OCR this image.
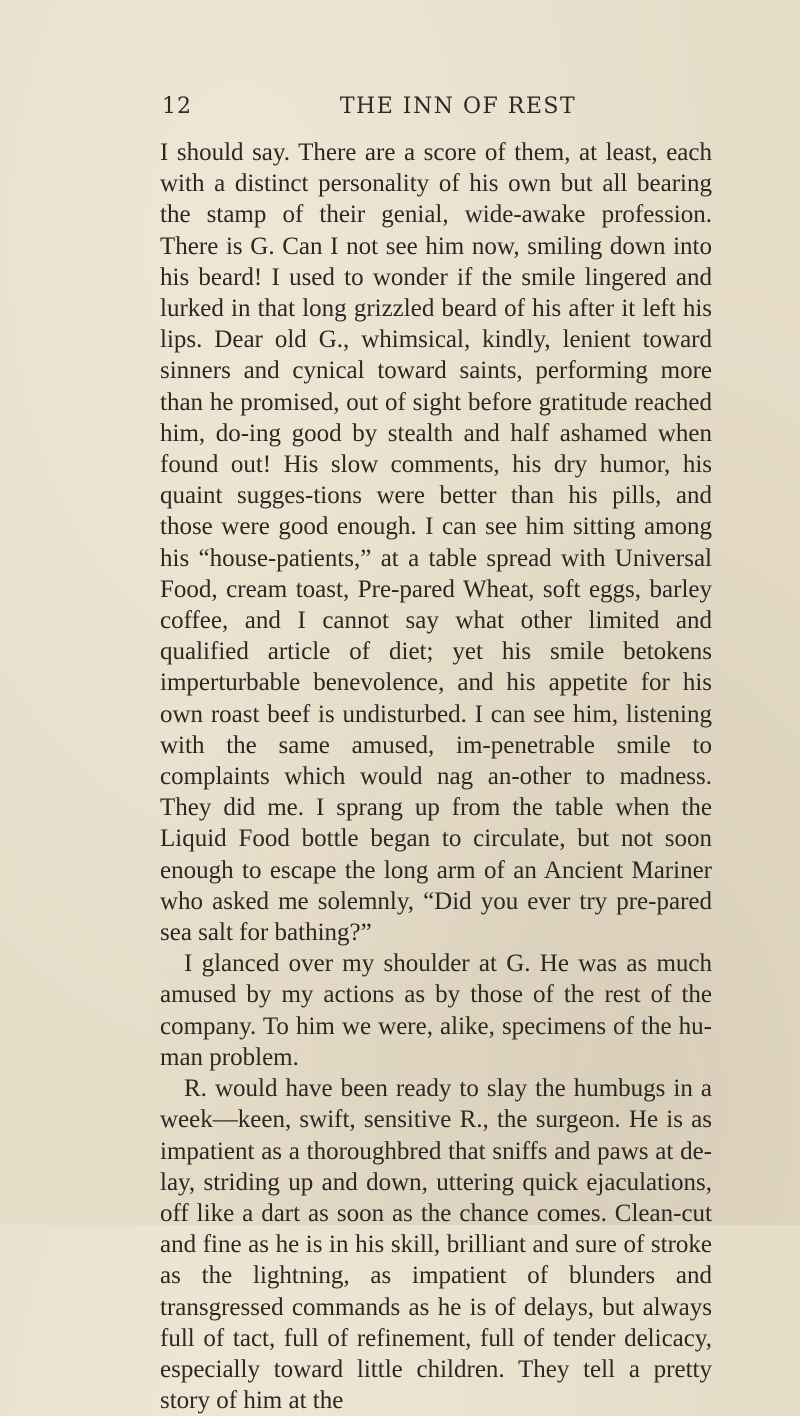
12	THE INN OF REST

I should say. There are a score of them, at least, each with a distinct personality of his own but all bearing the stamp of their genial, wide-awake profession. There is G. Can I not see him now, smiling down into his beard! I used to wonder if the smile lingered and lurked in that long grizzled beard of his after it left his lips. Dear old G., whimsical, kindly, lenient toward sinners and cynical toward saints, performing more than he promised, out of sight before gratitude reached him, do-ing good by stealth and half ashamed when found out! His slow comments, his dry humor, his quaint sugges-tions were better than his pills, and those were good enough. I can see him sitting among his “house-patients,” at a table spread with Universal Food, cream toast, Pre-pared Wheat, soft eggs, barley coffee, and I cannot say what other limited and qualified article of diet; yet his smile betokens imperturbable benevolence, and his appetite for his own roast beef is undisturbed. I can see him, listening with the same amused, im-penetrable smile to complaints which would nag an-other to madness. They did me. I sprang up from the table when the Liquid Food bottle began to circulate, but not soon enough to escape the long arm of an Ancient Mariner who asked me solemnly, “Did you ever try pre-pared sea salt for bathing?”

I glanced over my shoulder at G. He was as much amused by my actions as by those of the rest of the company. To him we were, alike, specimens of the hu-man problem.

R. would have been ready to slay the humbugs in a week—keen, swift, sensitive R., the surgeon. He is as impatient as a thoroughbred that sniffs and paws at de-lay, striding up and down, uttering quick ejaculations, off like a dart as soon as the chance comes. Clean-cut and fine as he is in his skill, brilliant and sure of stroke as the lightning, as impatient of blunders and transgressed commands as he is of delays, but always full of tact, full of refinement, full of tender delicacy, especially toward little children. They tell a pretty story of him at the
